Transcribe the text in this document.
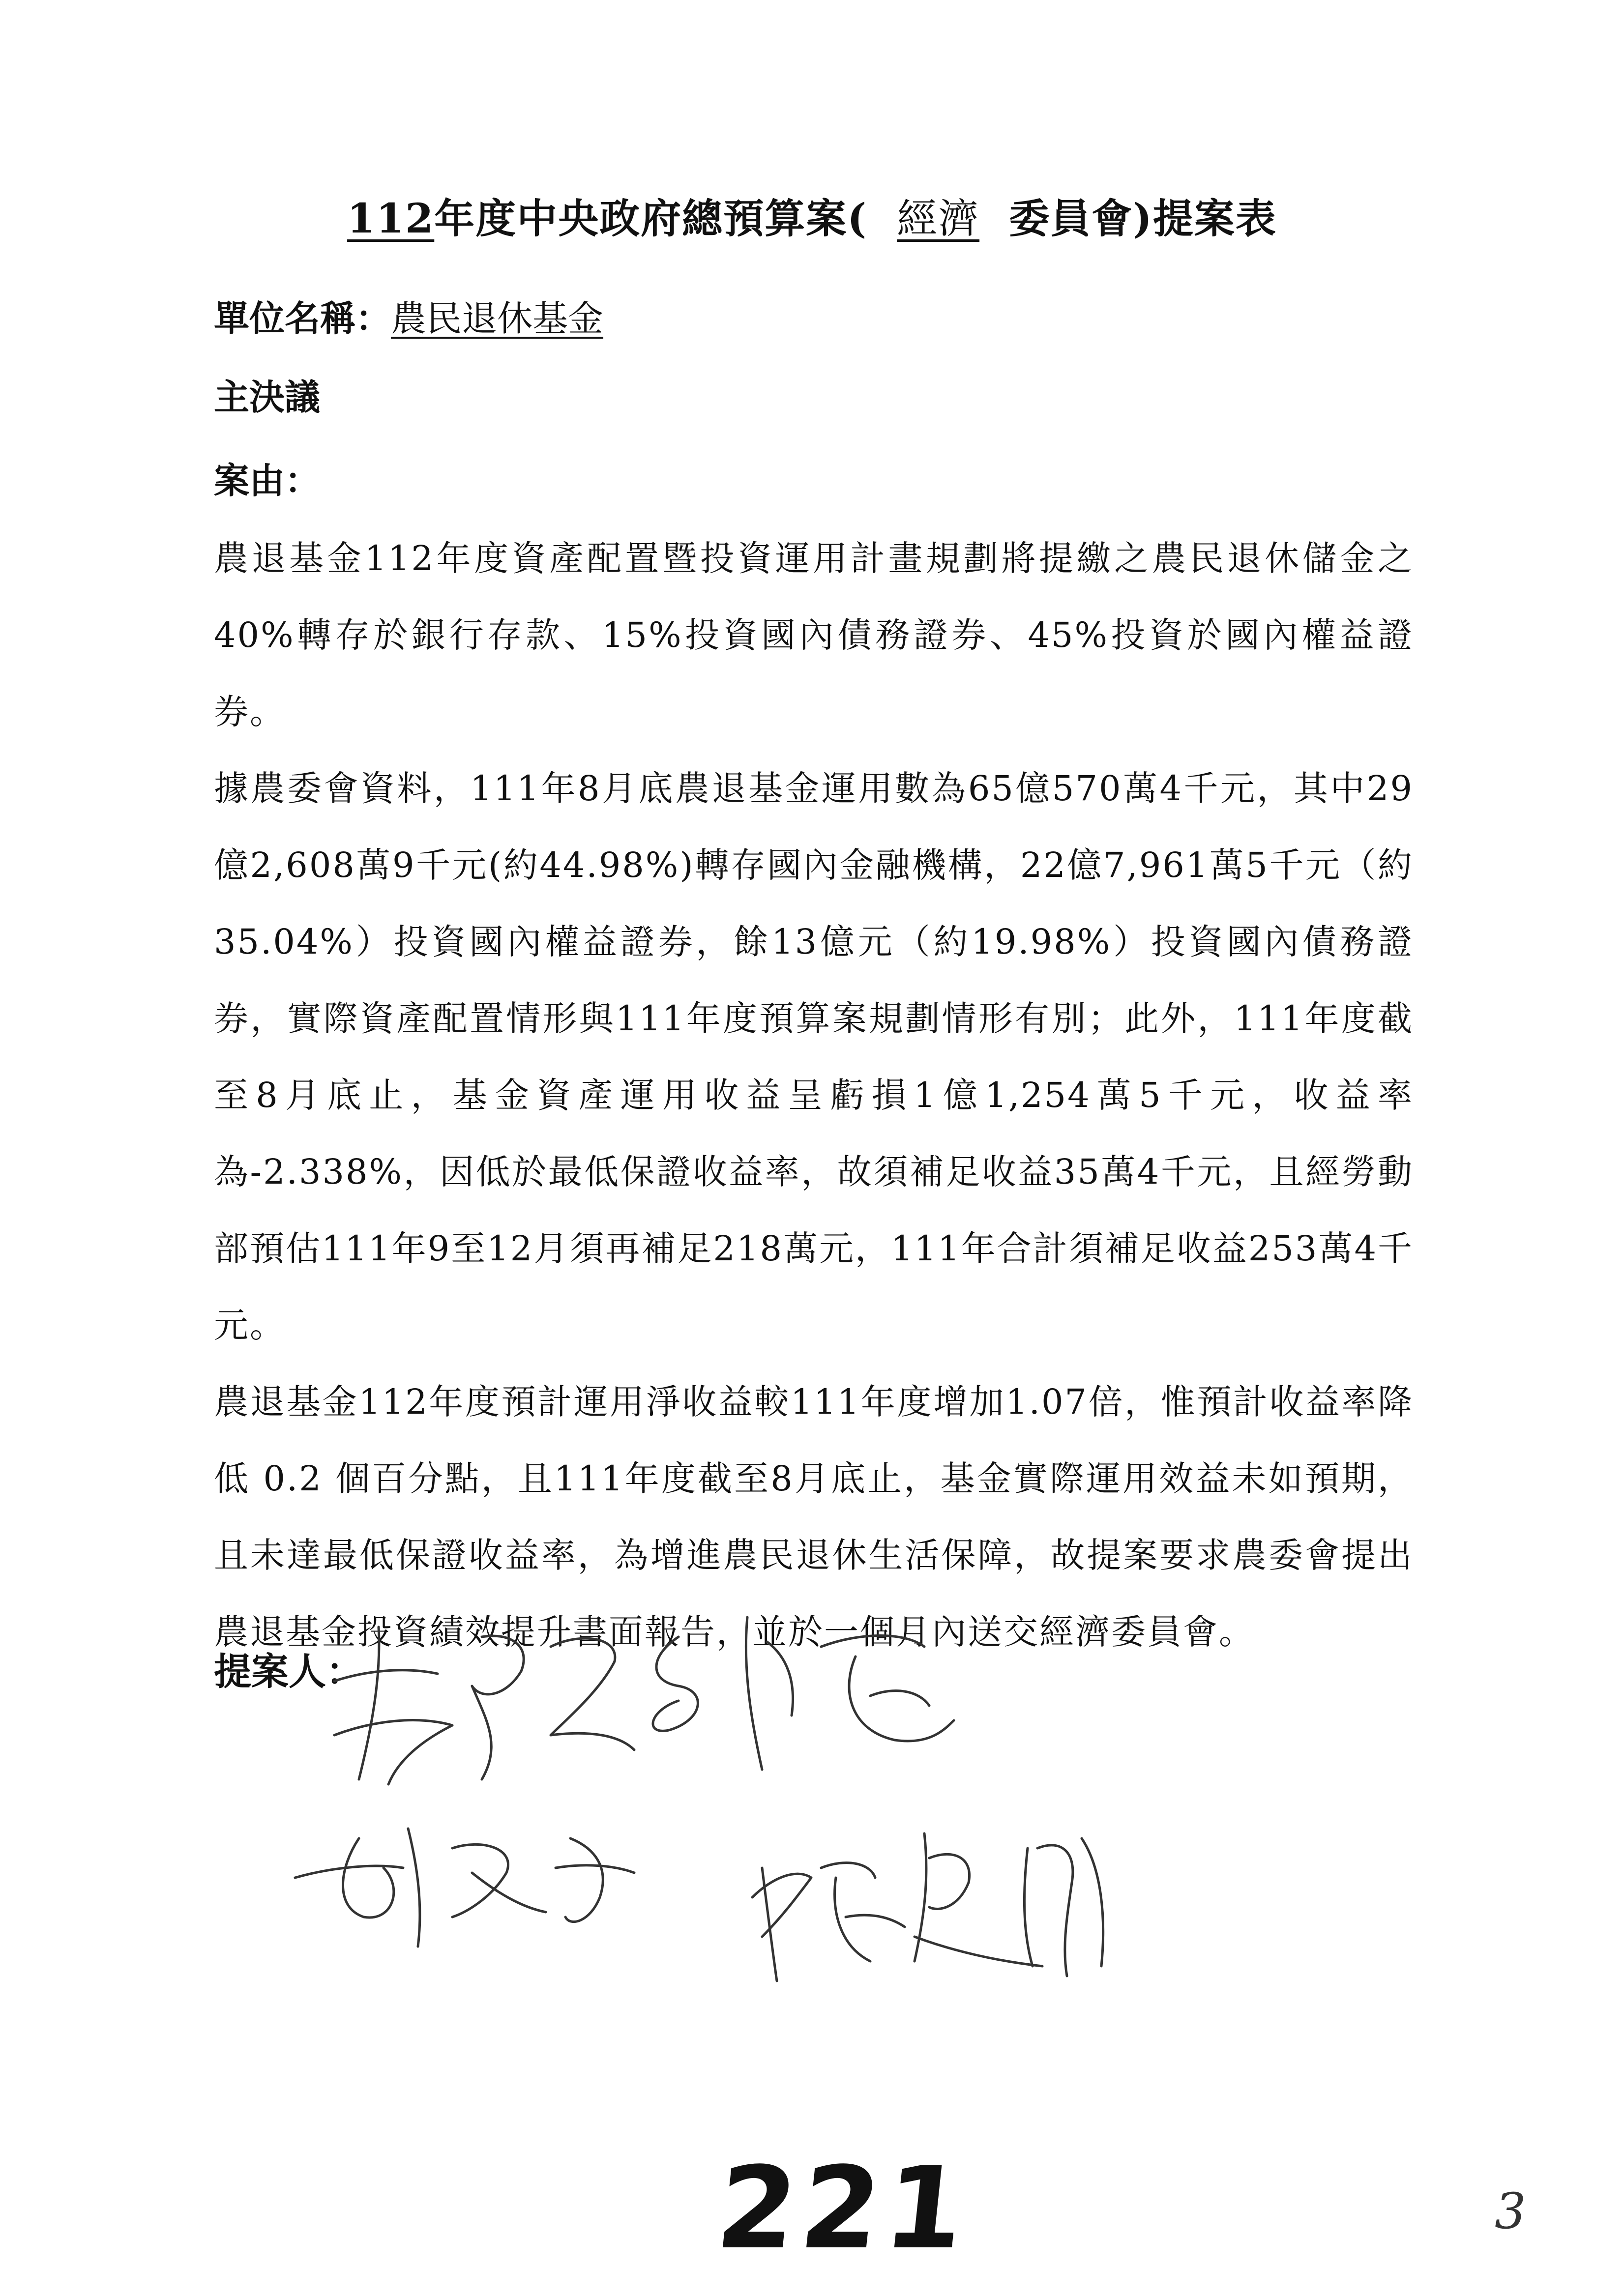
112年度中央政府總預算案( 經濟 委員會)提案表
單位名稱：農民退休基金
主決議
案由：

農退基金112年度資產配置暨投資運用計畫規劃將提繳之農民退休儲金之 40%轉存於銀行存款、15%投資國內債務證券、45%投資於國內權益證券。

據農委會資料，111年8月底農退基金運用數為65億570萬4千元，其中29億2,608萬9千元(約44.98%)轉存國內金融機構，22億7,961萬5千元（約35.04%）投資國內權益證券，餘13億元（約19.98%）投資國內債務證券，實際資產配置情形與111年度預算案規劃情形有別；此外，111年度截至8月底止，基金資產運用收益呈虧損1億1,254萬5千元，收益率為-2.338%，因低於最低保證收益率，故須補足收益35萬4千元，且經勞動部預估111年9至12月須再補足218萬元，111年合計須補足收益253萬4千元。

農退基金112年度預計運用淨收益較111年度增加1.07倍，惟預計收益率降低 0.2 個百分點，且111年度截至8月底止，基金實際運用效益未如預期，且未達最低保證收益率，為增進農民退休生活保障，故提案要求農委會提出農退基金投資績效提升書面報告，並於一個月內送交經濟委員會。

提案人：
221	3
